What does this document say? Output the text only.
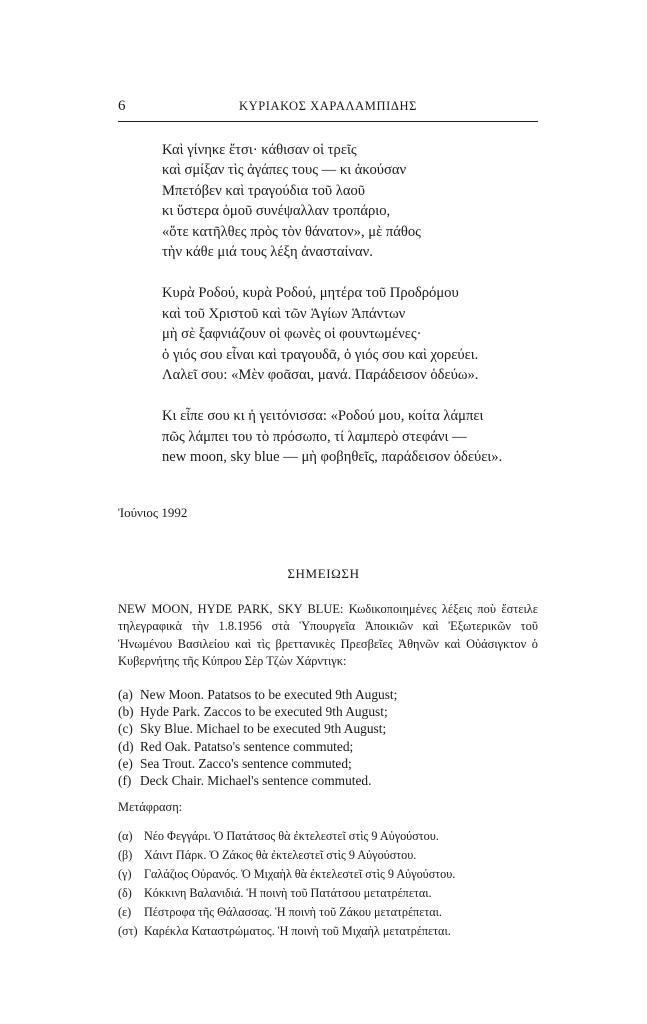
6	ΚΥΡΙΑΚΟΣ ΧΑΡΑΛΑΜΠΙΔΗΣ
Καὶ γίνηκε ἔτσι· κάθισαν οἱ τρεῖς
καὶ σμίξαν τὶς ἀγάπες τους — κι ἀκούσαν
Μπετόβεν καὶ τραγούδια τοῦ λαοῦ
κι ὕστερα ὁμοῦ συνέψαλλαν τροπάριο,
«ὅτε κατῆλθες πρὸς τὸν θάνατον», μὲ πάθος
τὴν κάθε μιά τους λέξη ἀνασταίναν.
Κυρὰ Ροδού, κυρὰ Ροδού, μητέρα τοῦ Προδρόμου
καὶ τοῦ Χριστοῦ καὶ τῶν Ἁγίων Ἁπάντων
μὴ σὲ ξαφνιάζουν οἱ φωνὲς οἱ φουντωμένες·
ὁ γιός σου εἶναι καὶ τραγουδᾶ, ὁ γιός σου καὶ χορεύει.
Λαλεῖ σου: «Μὲν φοᾶσαι, μανά. Παράδεισον ὁδεύω».
Κι εἶπε σου κι ἡ γειτόνισσα: «Ροδού μου, κοίτα λάμπει
πῶς λάμπει του τὸ πρόσωπο, τί λαμπερὸ στεφάνι —
new moon, sky blue — μὴ φοβηθεῖς, παράδεισον ὁδεύει».
Ἰούνιος 1992
ΣΗΜΕΙΩΣΗ
NEW MOON, HYDE PARK, SKY BLUE: Κωδικοποιημένες λέξεις ποὺ ἔστειλε τηλεγραφικὰ τὴν 1.8.1956 στὰ Ὑπουργεῖα Ἀποικιῶν καὶ Ἐξωτερικῶν τοῦ Ἡνωμένου Βασιλείου καὶ τὶς βρεττανικὲς Πρεσβεῖες Ἀθηνῶν καὶ Οὐάσιγκτον ὁ Κυβερνήτης τῆς Κύπρου Σὲρ Τζὼν Χάρντιγκ:
(a) New Moon. Patatsos to be executed 9th August;
(b) Hyde Park. Zaccos to be executed 9th August;
(c) Sky Blue. Michael to be executed 9th August;
(d) Red Oak. Patatso's sentence commuted;
(e) Sea Trout. Zacco's sentence commuted;
(f) Deck Chair. Michael's sentence commuted.
Μετάφραση:
(α) Νέο Φεγγάρι. Ὁ Πατάτσος θὰ ἐκτελεστεῖ στὶς 9 Αὐγούστου.
(β) Χάιντ Πάρκ. Ὁ Ζάκος θὰ ἐκτελεστεῖ στὶς 9 Αὐγούστου.
(γ) Γαλάζιος Οὐρανός. Ὁ Μιχαὴλ θὰ ἐκτελεστεῖ στὶς 9 Αὐγούστου.
(δ) Κόκκινη Βαλανιδιά. Ἡ ποινὴ τοῦ Πατάτσου μετατρέπεται.
(ε) Πέστροφα τῆς Θάλασσας. Ἡ ποινὴ τοῦ Ζάκου μετατρέπεται.
(στ) Καρέκλα Καταστρώματος. Ἡ ποινὴ τοῦ Μιχαὴλ μετατρέπεται.
